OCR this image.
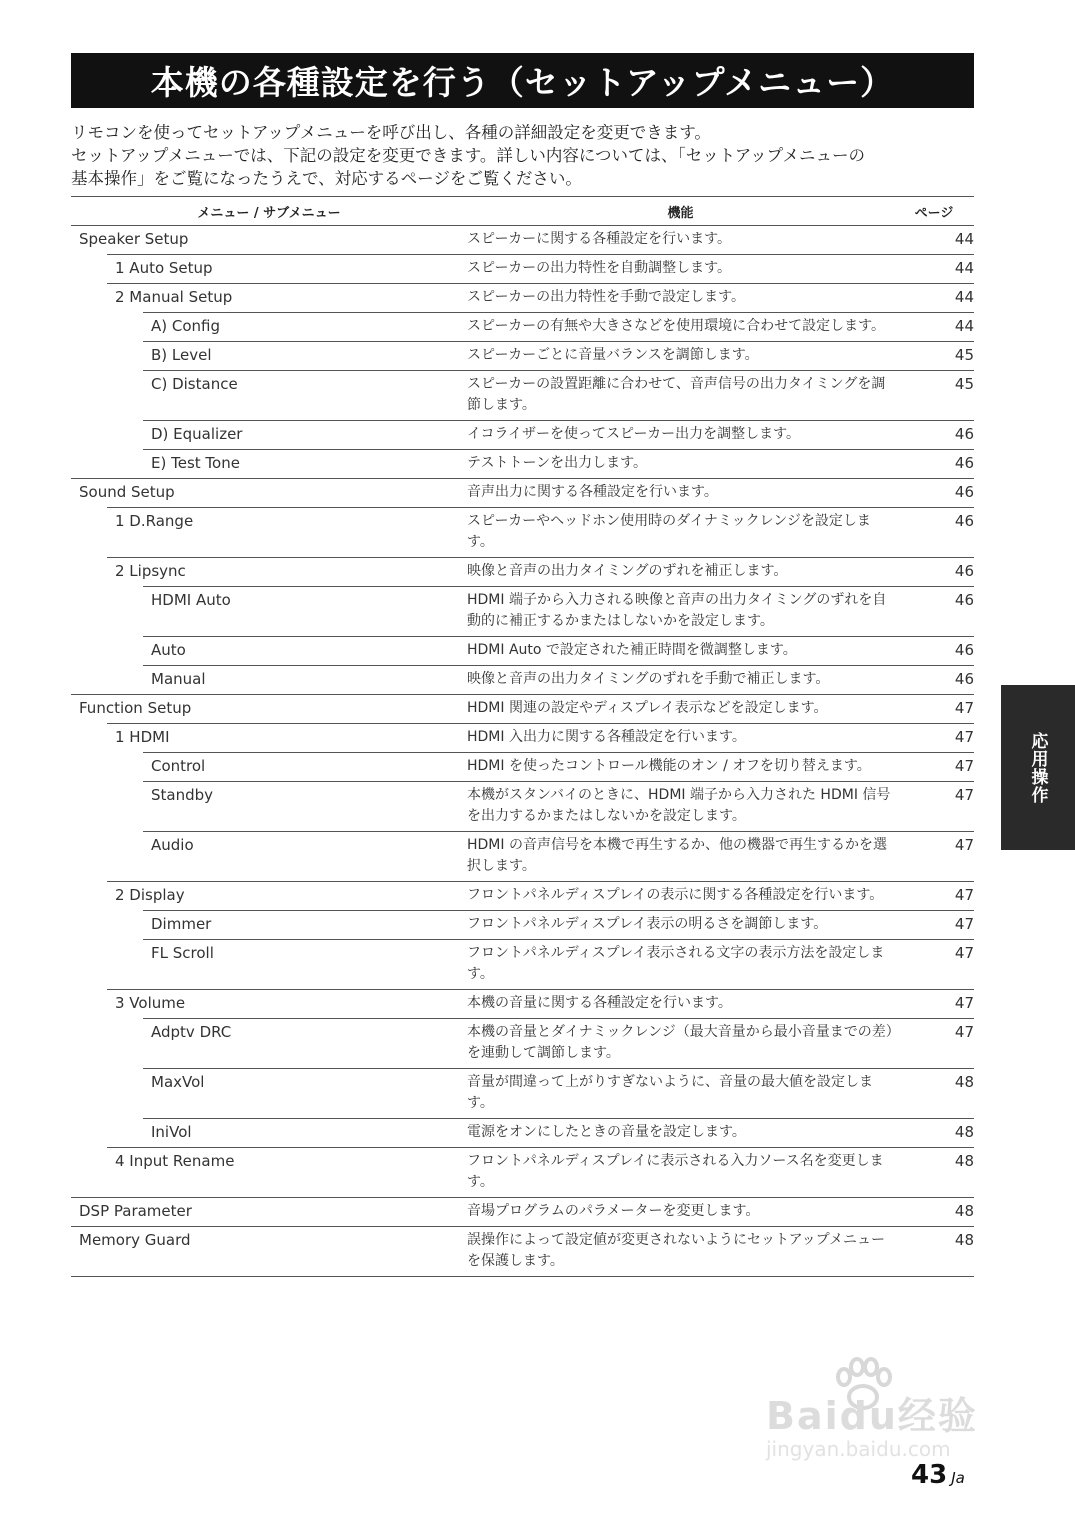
本機の各種設定を行う（セットアップメニュー）
リモコンを使ってセットアップメニューを呼び出し、各種の詳細設定を変更できます。
セットアップメニューでは、下記の設定を変更できます。詳しい内容については、「セットアップメニューの
基本操作」をご覧になったうえで、対応するページをご覧ください。
メニュー / サブメニュー	機能	ページ
Speaker Setup	スピーカーに関する各種設定を行います。	44
1 Auto Setup	スピーカーの出力特性を自動調整します。	44
2 Manual Setup	スピーカーの出力特性を手動で設定します。	44
A) Config	スピーカーの有無や大きさなどを使用環境に合わせて設定します。	44
B) Level	スピーカーごとに音量バランスを調節します。	45
C) Distance	スピーカーの設置距離に合わせて、音声信号の出力タイミングを調節します。	45
D) Equalizer	イコライザーを使ってスピーカー出力を調整します。	46
E) Test Tone	テストトーンを出力します。	46
Sound Setup	音声出力に関する各種設定を行います。	46
1 D.Range	スピーカーやヘッドホン使用時のダイナミックレンジを設定します。	46
2 Lipsync	映像と音声の出力タイミングのずれを補正します。	46
HDMI Auto	HDMI 端子から入力される映像と音声の出力タイミングのずれを自動的に補正するかまたはしないかを設定します。	46
Auto	HDMI Auto で設定された補正時間を微調整します。	46
Manual	映像と音声の出力タイミングのずれを手動で補正します。	46
Function Setup	HDMI 関連の設定やディスプレイ表示などを設定します。	47
1 HDMI	HDMI 入出力に関する各種設定を行います。	47
Control	HDMI を使ったコントロール機能のオン / オフを切り替えます。	47
Standby	本機がスタンバイのときに、HDMI 端子から入力された HDMI 信号を出力するかまたはしないかを設定します。	47
Audio	HDMI の音声信号を本機で再生するか、他の機器で再生するかを選択します。	47
2 Display	フロントパネルディスプレイの表示に関する各種設定を行います。	47
Dimmer	フロントパネルディスプレイ表示の明るさを調節します。	47
FL Scroll	フロントパネルディスプレイ表示される文字の表示方法を設定します。	47
3 Volume	本機の音量に関する各種設定を行います。	47
Adptv DRC	本機の音量とダイナミックレンジ（最大音量から最小音量までの差）を連動して調節します。	47
MaxVol	音量が間違って上がりすぎないように、音量の最大値を設定します。	48
IniVol	電源をオンにしたときの音量を設定します。	48
4 Input Rename	フロントパネルディスプレイに表示される入力ソース名を変更します。	48
DSP Parameter	音場プログラムのパラメーターを変更します。	48
Memory Guard	誤操作によって設定値が変更されないようにセットアップメニューを保護します。	48
応用操作
Baidu经验
jingyan.baidu.com
43 Ja
